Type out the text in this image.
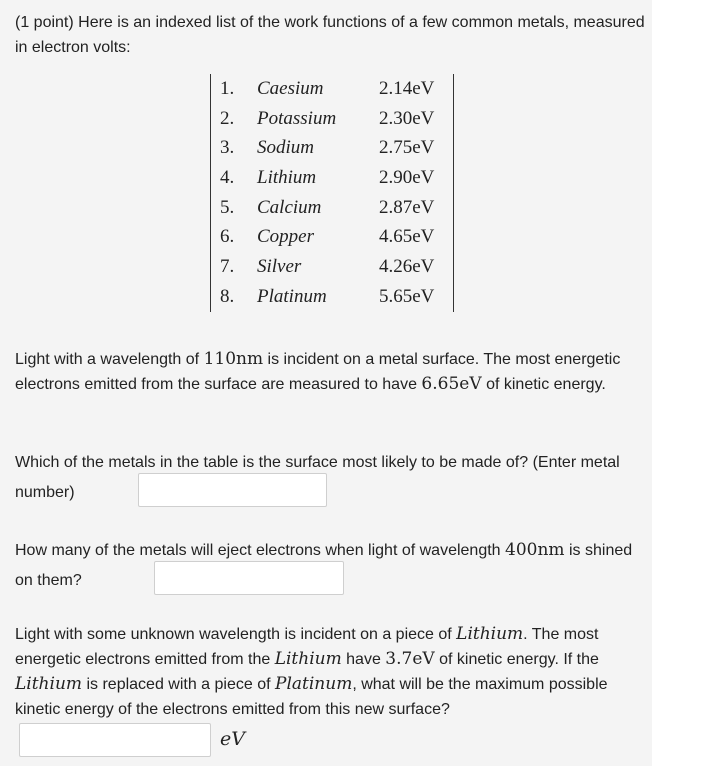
(1 point) Here is an indexed list of the work functions of a few common metals, measured in electron volts:
1. Caesium	2.14eV
2. Potassium 2.30eV
3. Sodium	2.75eV
4. Lithium	2.90eV
5. Calcium	2.87eV
6. Copper	4.65eV
7. Silver	4.26eV
8. Platinum	5.65eV
Light with a wavelength of 110nm is incident on a metal surface. The most energetic electrons emitted from the surface are measured to have 6.65eV of kinetic energy.
Which of the metals in the table is the surface most likely to be made of? (Enter metal number)
How many of the metals will eject electrons when light of wavelength 400nm is shined on them?
Light with some unknown wavelength is incident on a piece of Lithium. The most energetic electrons emitted from the Lithium have 3.7eV of kinetic energy. If the Lithium is replaced with a piece of Platinum, what will be the maximum possible kinetic energy of the electrons emitted from this new surface?
eV
